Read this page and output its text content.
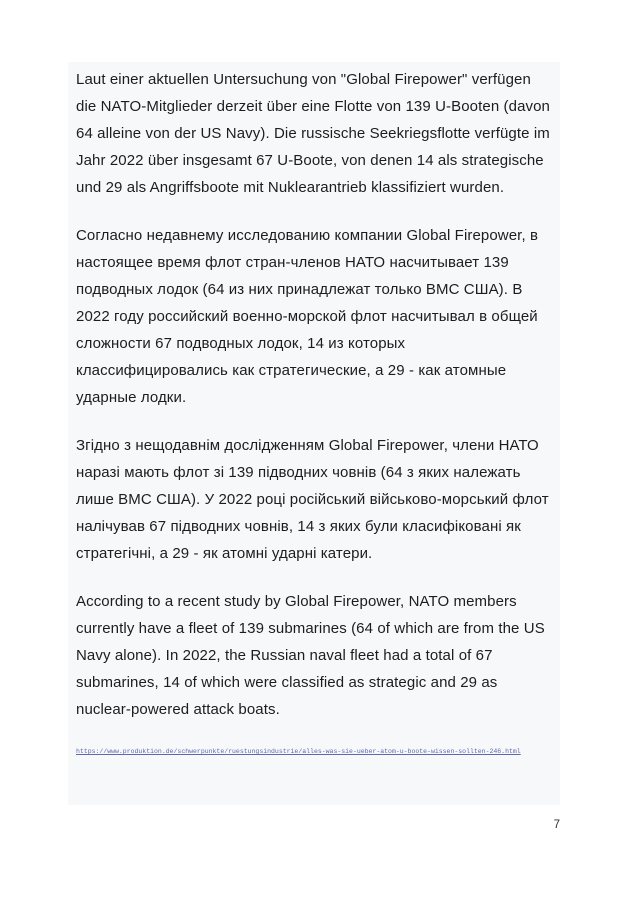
Laut einer aktuellen Untersuchung von "Global Firepower" verfügen die NATO-Mitglieder derzeit über eine Flotte von 139 U-Booten (davon 64 alleine von der US Navy). Die russische Seekriegsflotte verfügte im Jahr 2022 über insgesamt 67 U-Boote, von denen 14 als strategische und 29 als Angriffsboote mit Nuklearantrieb klassifiziert wurden.

Согласно недавнему исследованию компании Global Firepower, в настоящее время флот стран-членов НАТО насчитывает 139 подводных лодок (64 из них принадлежат только ВМС США). В 2022 году российский военно-морской флот насчитывал в общей сложности 67 подводных лодок, 14 из которых классифицировались как стратегические, а 29 - как атомные ударные лодки.

Згідно з нещодавнім дослідженням Global Firepower, члени НАТО наразі мають флот зі 139 підводних човнів (64 з яких належать лише ВМС США). У 2022 році російський військово-морський флот налічував 67 підводних човнів, 14 з яких були класифіковані як стратегічні, а 29 - як атомні ударні катери.

According to a recent study by Global Firepower, NATO members currently have a fleet of 139 submarines (64 of which are from the US Navy alone). In 2022, the Russian naval fleet had a total of 67 submarines, 14 of which were classified as strategic and 29 as nuclear-powered attack boats.

https://www.produktion.de/schwerpunkte/ruestungsindustrie/alles-was-sie-ueber-atom-u-boote-wissen-sollten-246.html

7
